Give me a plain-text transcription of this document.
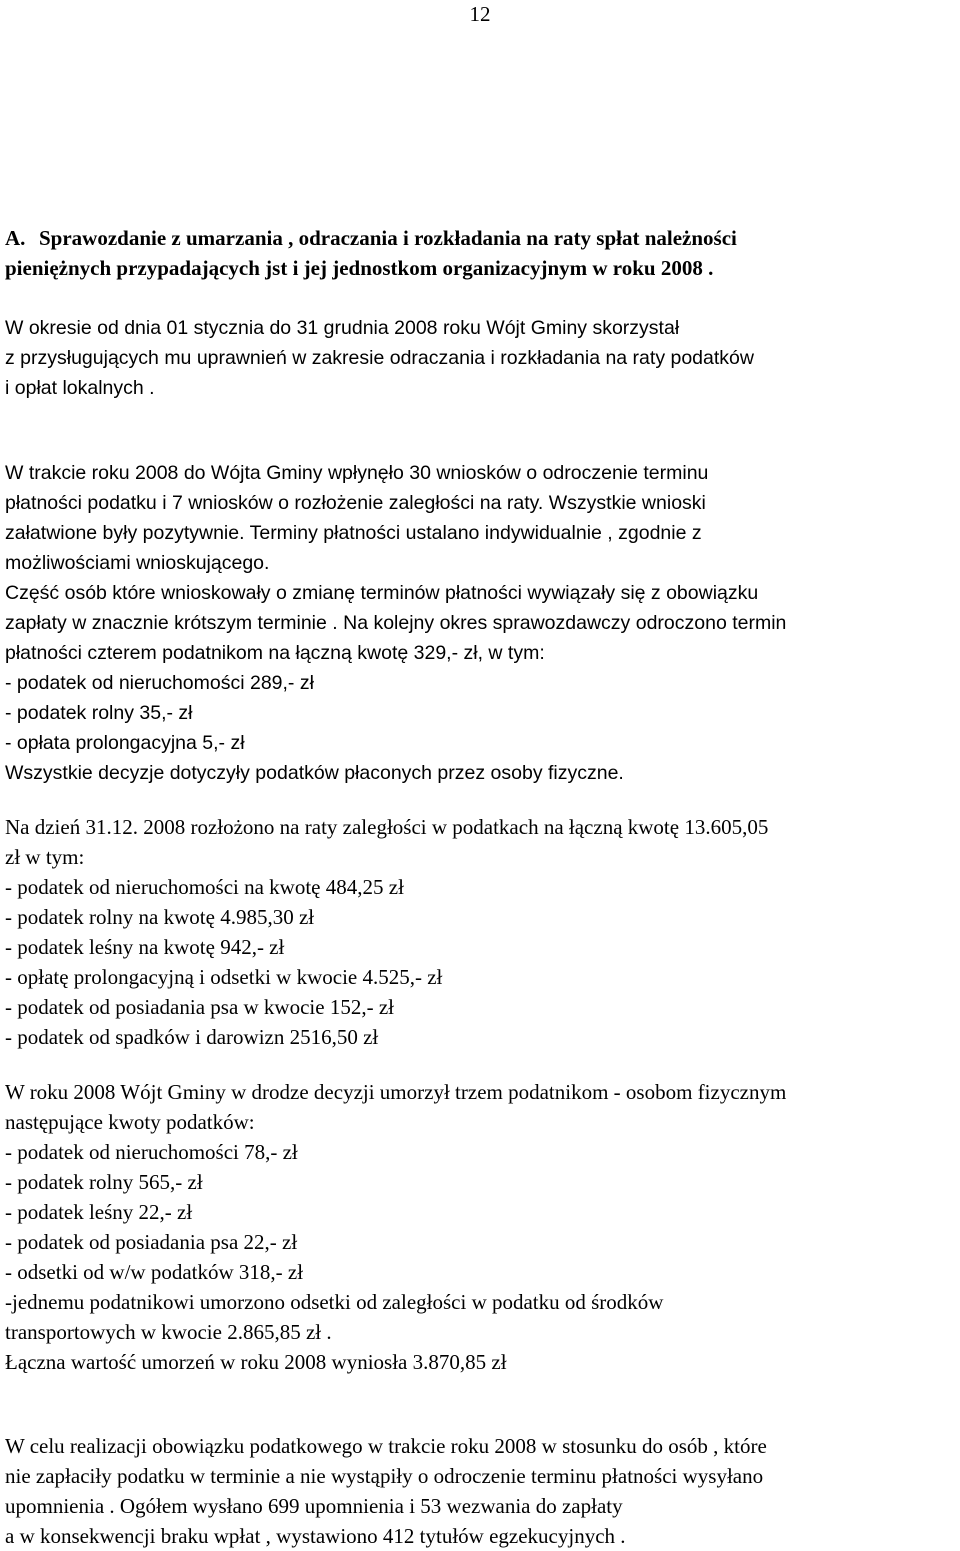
12
A. Sprawozdanie z umarzania , odraczania i rozkładania na raty spłat należności
pieniężnych przypadających jst i jej jednostkom organizacyjnym w roku 2008 .
W okresie od dnia 01 stycznia do 31 grudnia 2008 roku Wójt Gminy skorzystał
z przysługujących mu uprawnień w zakresie odraczania i rozkładania na raty podatków
i opłat lokalnych .
W trakcie roku 2008 do Wójta Gminy wpłynęło 30 wniosków o odroczenie terminu
płatności podatku i 7 wniosków o rozłożenie zaległości na raty. Wszystkie wnioski
załatwione były pozytywnie. Terminy płatności ustalano indywidualnie , zgodnie z
możliwościami wnioskującego.
Część osób które wnioskowały o zmianę terminów płatności wywiązały się z obowiązku
zapłaty w znacznie krótszym terminie . Na kolejny okres sprawozdawczy odroczono termin
płatności czterem podatnikom na łączną kwotę 329,- zł, w tym:
- podatek od nieruchomości 289,- zł
- podatek rolny 35,- zł
- opłata prolongacyjna 5,- zł
Wszystkie decyzje dotyczyły podatków płaconych przez osoby fizyczne.
Na dzień 31.12. 2008 rozłożono na raty zaległości w podatkach na łączną kwotę 13.605,05
zł w tym:
- podatek od nieruchomości na kwotę 484,25 zł
- podatek rolny na kwotę 4.985,30 zł
- podatek leśny na kwotę 942,- zł
- opłatę prolongacyjną i odsetki w kwocie 4.525,- zł
- podatek od posiadania psa w kwocie 152,- zł
- podatek od spadków i darowizn 2516,50 zł
W roku 2008 Wójt Gminy w drodze decyzji umorzył trzem podatnikom - osobom fizycznym
następujące kwoty podatków:
- podatek od nieruchomości 78,- zł
- podatek rolny 565,- zł
- podatek leśny 22,- zł
- podatek od posiadania psa 22,- zł
- odsetki od w/w podatków 318,- zł
-jednemu podatnikowi umorzono odsetki od zaległości w podatku od środków
transportowych w kwocie 2.865,85 zł .
Łączna wartość umorzeń w roku 2008 wyniosła 3.870,85 zł
W celu realizacji obowiązku podatkowego w trakcie roku 2008 w stosunku do osób , które
nie zapłaciły podatku w terminie a nie wystąpiły o odroczenie terminu płatności wysyłano
upomnienia . Ogółem wysłano 699 upomnienia i 53 wezwania do zapłaty
a w konsekwencji braku wpłat , wystawiono 412 tytułów egzekucyjnych .
